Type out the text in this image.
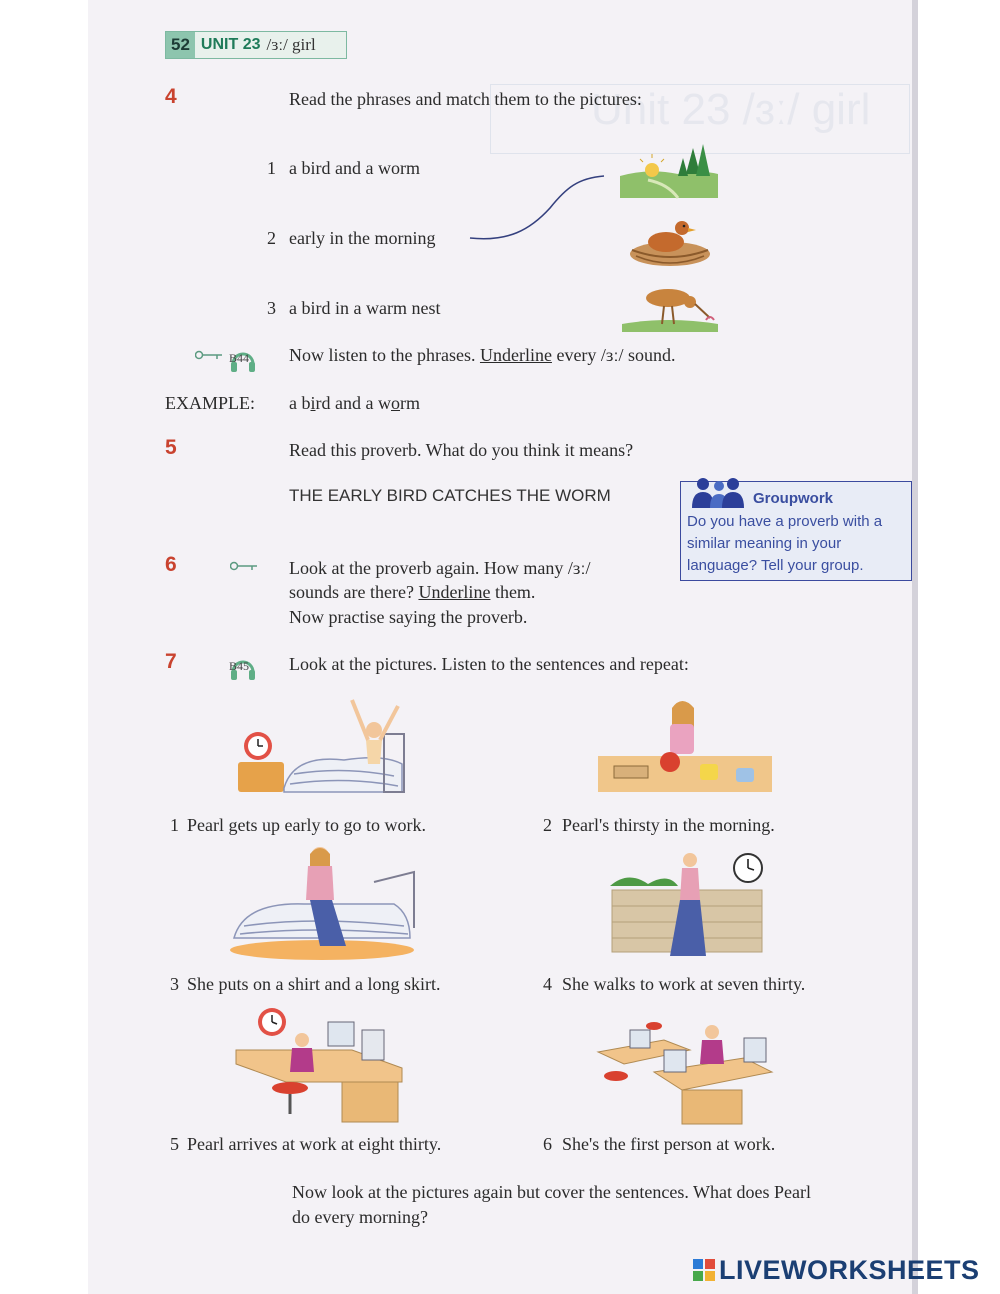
Unit 23 /ɜː/ girl
52 UNIT 23 /ɜː/ girl
4	Read the phrases and match them to the pictures:
1 a bird and a worm
2 early in the morning
3 a bird in a warm nest
B44 Now listen to the phrases. Underline every /ɜː/ sound.
EXAMPLE: a bird and a worm
5	Read this proverb. What do you think it means?
THE EARLY BIRD CATCHES THE WORM	Groupwork
Do you have a proverb with a similar meaning in your language? Tell your group.
6	Look at the proverb again. How many /ɜː/
sounds are there? Underline them.
Now practise saying the proverb.
7	B45 Look at the pictures. Listen to the sentences and repeat:
1 Pearl gets up early to go to work.	2 Pearl's thirsty in the morning.
3 She puts on a shirt and a long skirt.	4 She walks to work at seven thirty.
5 Pearl arrives at work at eight thirty.	6 She's the first person at work.
Now look at the pictures again but cover the sentences. What does Pearl
do every morning?
LIVEWORKSHEETS
